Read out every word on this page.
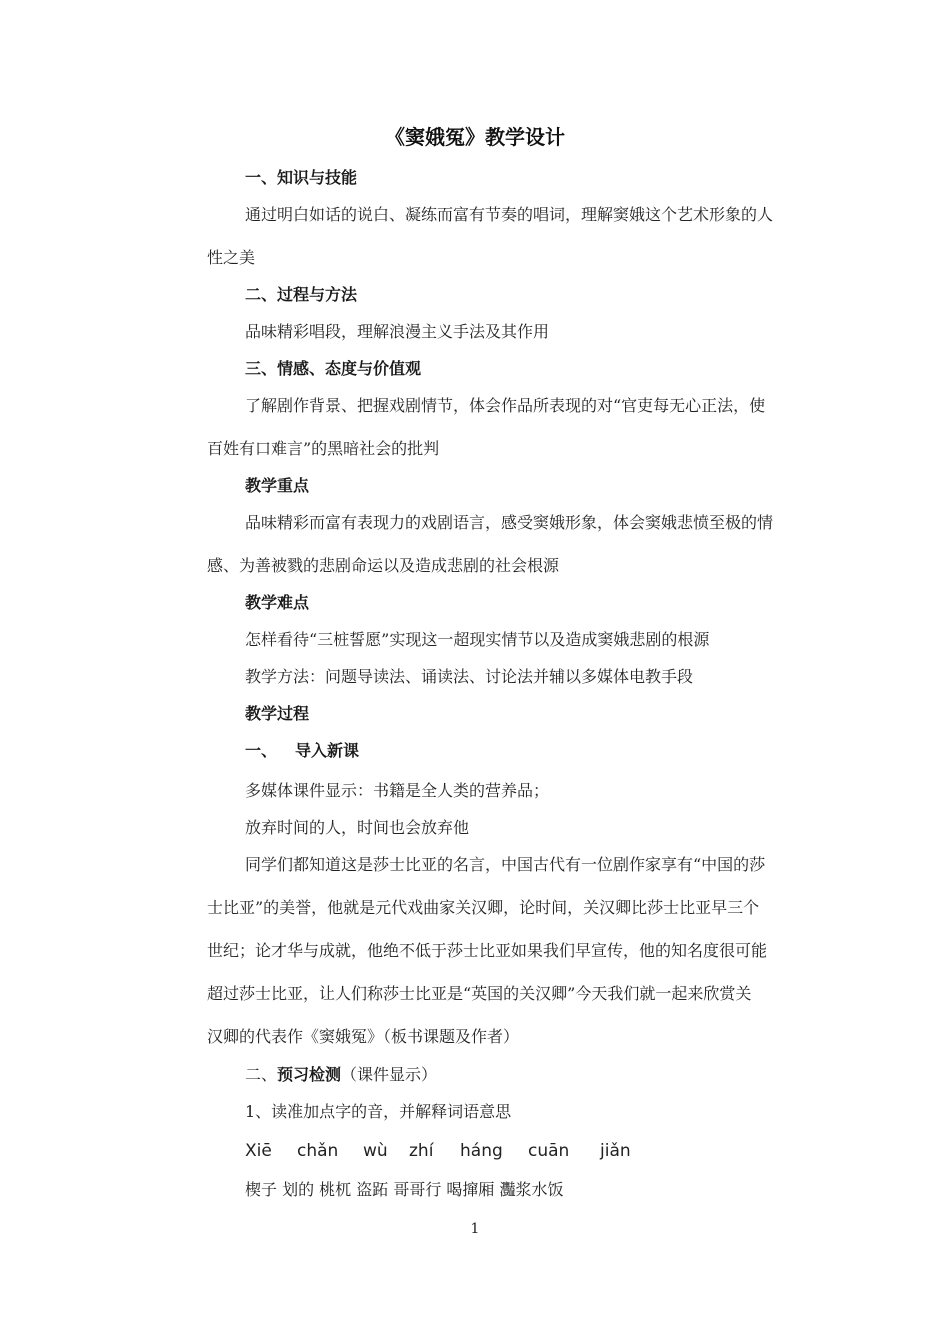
《窦娥冤》教学设计
一、知识与技能
通过明白如话的说白、凝练而富有节奏的唱词，理解窦娥这个艺术形象的人
性之美
二、过程与方法
品味精彩唱段，理解浪漫主义手法及其作用
三、情感、态度与价值观
了解剧作背景、把握戏剧情节，体会作品所表现的对“官吏每无心正法，使
百姓有口难言”的黑暗社会的批判
教学重点
品味精彩而富有表现力的戏剧语言，感受窦娥形象，体会窦娥悲愤至极的情
感、为善被戮的悲剧命运以及造成悲剧的社会根源
教学难点
怎样看待“三桩誓愿”实现这一超现实情节以及造成窦娥悲剧的根源
教学方法：问题导读法、诵读法、讨论法并辅以多媒体电教手段
教学过程
一、 导入新课
多媒体课件显示：书籍是全人类的营养品；
放弃时间的人，时间也会放弃他
同学们都知道这是莎士比亚的名言，中国古代有一位剧作家享有“中国的莎
士比亚”的美誉，他就是元代戏曲家关汉卿，论时间，关汉卿比莎士比亚早三个
世纪；论才华与成就，他绝不低于莎士比亚如果我们早宣传，他的知名度很可能
超过莎士比亚，让人们称莎士比亚是“英国的关汉卿”今天我们就一起来欣赏关
汉卿的代表作《窦娥冤》（板书课题及作者）
二、预习检测（课件显示）
1、读准加点字的音，并解释词语意思
Xiē chǎn wù zhí háng cuān jiǎn
楔子 划的 桃杌 盗跖 哥哥行 喝撺厢 灩浆水饭
1
